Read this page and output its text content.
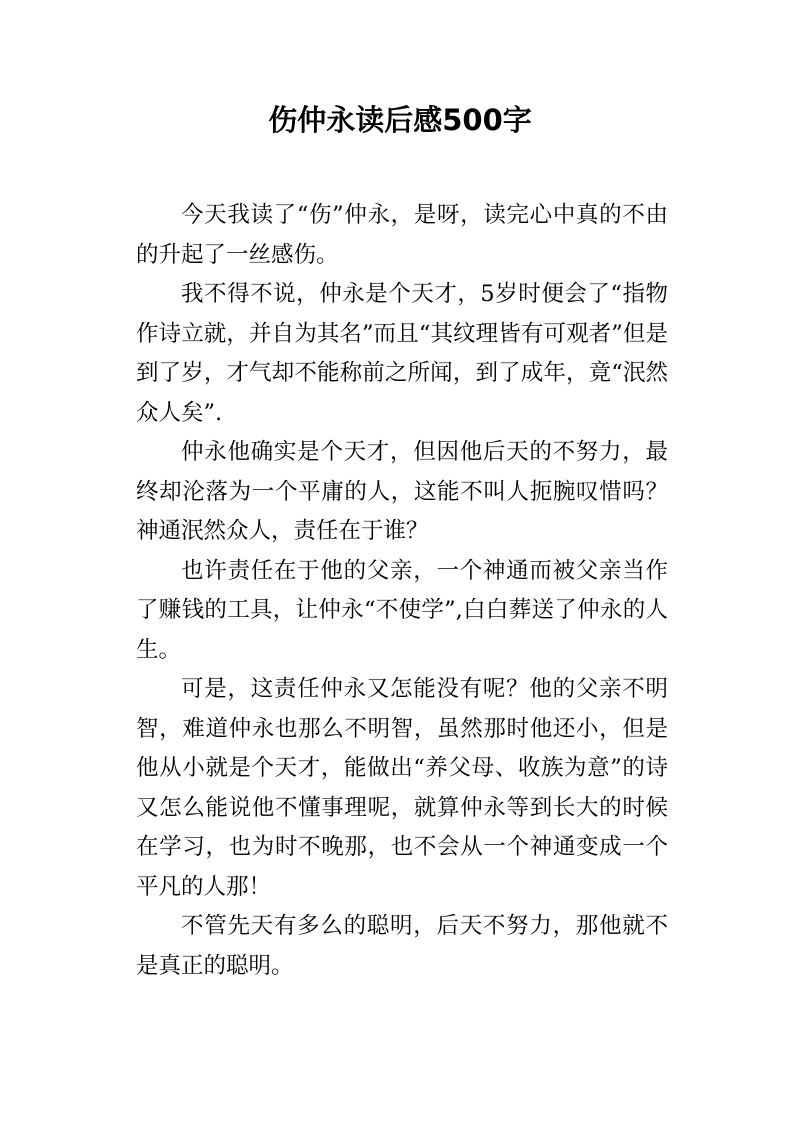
伤仲永读后感500字

今天我读了“伤”仲永，是呀，读完心中真的不由的升起了一丝感伤。

我不得不说，仲永是个天才，5岁时便会了“指物作诗立就，并自为其名”而且“其纹理皆有可观者”但是到了岁，才气却不能称前之所闻，到了成年，竟“泯然众人矣”.

仲永他确实是个天才，但因他后天的不努力，最终却沦落为一个平庸的人，这能不叫人扼腕叹惜吗？神通泯然众人，责任在于谁？

也许责任在于他的父亲，一个神通而被父亲当作了赚钱的工具，让仲永“不使学”,白白葬送了仲永的人生。

可是，这责任仲永又怎能没有呢？他的父亲不明智，难道仲永也那么不明智，虽然那时他还小，但是他从小就是个天才，能做出“养父母、收族为意”的诗又怎么能说他不懂事理呢，就算仲永等到长大的时候在学习，也为时不晚那，也不会从一个神通变成一个平凡的人那！

不管先天有多么的聪明，后天不努力，那他就不是真正的聪明。
